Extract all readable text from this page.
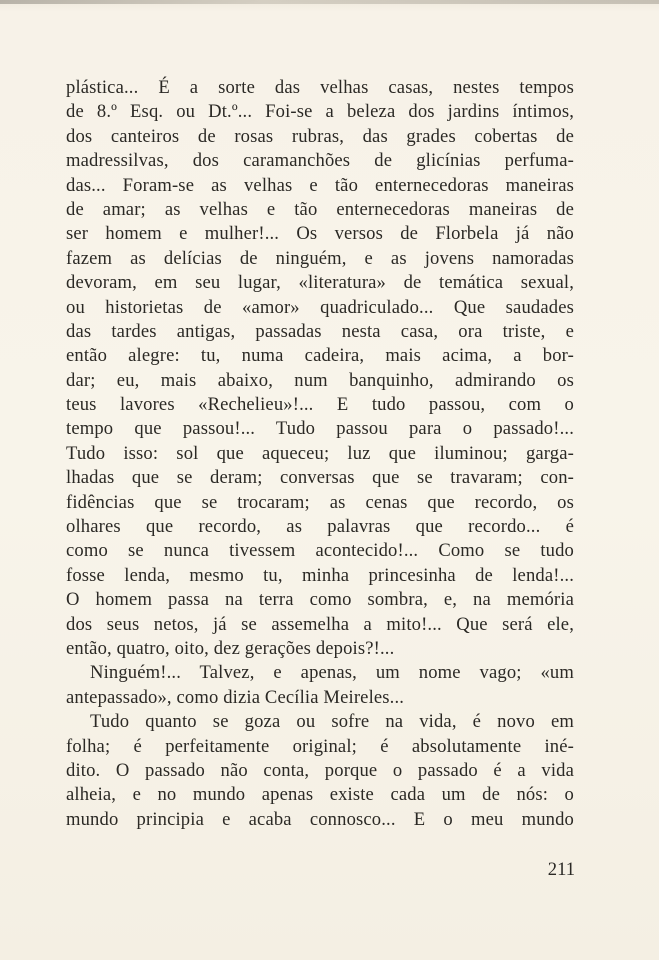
plástica... É a sorte das velhas casas, nestes tempos
de 8.º Esq. ou Dt.º... Foi-se a beleza dos jardins íntimos,
dos canteiros de rosas rubras, das grades cobertas de
madressilvas, dos caramanchões de glicínias perfuma-
das... Foram-se as velhas e tão enternecedoras maneiras
de amar; as velhas e tão enternecedoras maneiras de
ser homem e mulher!... Os versos de Florbela já não
fazem as delícias de ninguém, e as jovens namoradas
devoram, em seu lugar, «literatura» de temática sexual,
ou historietas de «amor» quadriculado... Que saudades
das tardes antigas, passadas nesta casa, ora triste, e
então alegre: tu, numa cadeira, mais acima, a bor-
dar; eu, mais abaixo, num banquinho, admirando os
teus lavores «Rechelieu»!... E tudo passou, com o
tempo que passou!... Tudo passou para o passado!...
Tudo isso: sol que aqueceu; luz que iluminou; garga-
lhadas que se deram; conversas que se travaram; con-
fidências que se trocaram; as cenas que recordo, os
olhares que recordo, as palavras que recordo... é
como se nunca tivessem acontecido!... Como se tudo
fosse lenda, mesmo tu, minha princesinha de lenda!...
O homem passa na terra como sombra, e, na memória
dos seus netos, já se assemelha a mito!... Que será ele,
então, quatro, oito, dez gerações depois?!...
Ninguém!... Talvez, e apenas, um nome vago; «um
antepassado», como dizia Cecília Meireles...
Tudo quanto se goza ou sofre na vida, é novo em
folha; é perfeitamente original; é absolutamente iné-
dito. O passado não conta, porque o passado é a vida
alheia, e no mundo apenas existe cada um de nós: o
mundo principia e acaba connosco... E o meu mundo
211
